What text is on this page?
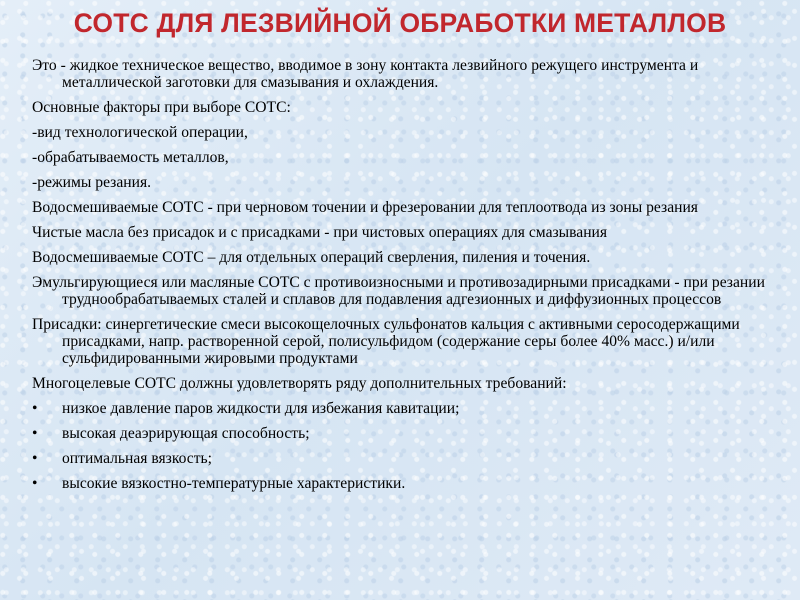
СОТС ДЛЯ ЛЕЗВИЙНОЙ ОБРАБОТКИ МЕТАЛЛОВ
Это - жидкое техническое вещество, вводимое в зону контакта лезвийного режущего инструмента и металлической заготовки для смазывания и охлаждения.
Основные факторы при выборе СОТС:
-вид технологической операции,
-обрабатываемость металлов,
-режимы резания.
Водосмешиваемые СОТС - при черновом точении и фрезеровании для теплоотвода из зоны резания
Чистые масла без присадок и с присадками - при чистовых операциях для смазывания
Водосмешиваемые СОТС – для отдельных операций сверления, пиления и точения.
Эмульгирующиеся или масляные СОТС с противоизносными и противозадирными присадками - при резании труднообрабатываемых сталей и сплавов для подавления адгезионных и диффузионных процессов
Присадки: синергетические смеси высокощелочных сульфонатов кальция с активными серосодержащими присадками, напр. растворенной серой, полисульфидом (содержание серы более 40% масс.) и/или сульфидированными жировыми продуктами
Многоцелевые СОТС должны удовлетворять ряду дополнительных требований:
• низкое давление паров жидкости для избежания кавитации;
• высокая деаэрирующая способность;
• оптимальная вязкость;
• высокие вязкостно-температурные характеристики.
